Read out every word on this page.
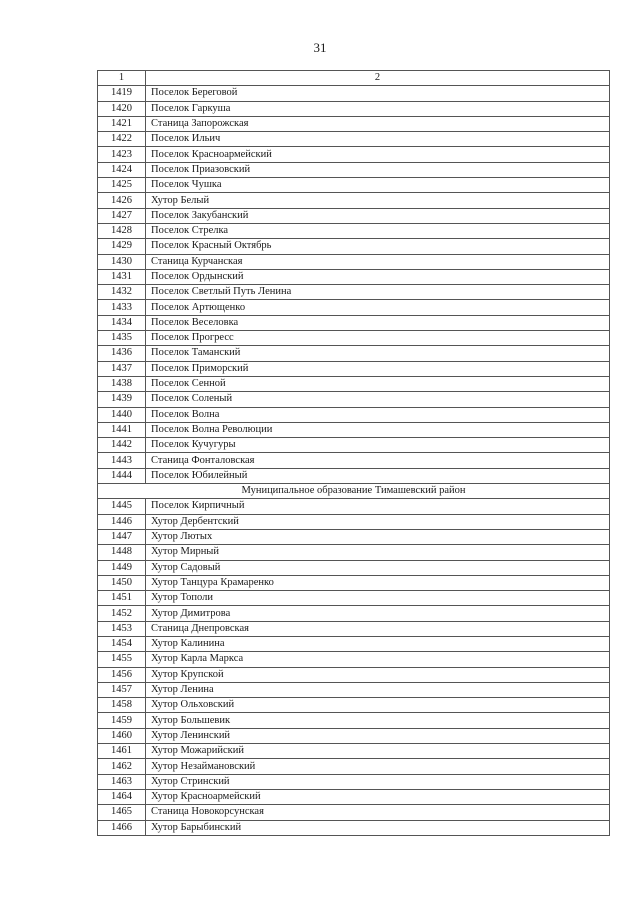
31
1	2
1419	Поселок Береговой
1420	Поселок Гаркуша
1421	Станица Запорожская
1422	Поселок Ильич
1423	Поселок Красноармейский
1424	Поселок Приазовский
1425	Поселок Чушка
1426	Хутор Белый
1427	Поселок Закубанский
1428	Поселок Стрелка
1429	Поселок Красный Октябрь
1430	Станица Курчанская
1431	Поселок Ордынский
1432	Поселок Светлый Путь Ленина
1433	Поселок Артющенко
1434	Поселок Веселовка
1435	Поселок Прогресс
1436	Поселок Таманский
1437	Поселок Приморский
1438	Поселок Сенной
1439	Поселок Соленый
1440	Поселок Волна
1441	Поселок Волна Революции
1442	Поселок Кучугуры
1443	Станица Фонталовская
1444	Поселок Юбилейный
Муниципальное образование Тимашевский район	
1445	Поселок Кирпичный
1446	Хутор Дербентский
1447	Хутор Лютых
1448	Хутор Мирный
1449	Хутор Садовый
1450	Хутор Танцура Крамаренко
1451	Хутор Тополи
1452	Хутор Димитрова
1453	Станица Днепровская
1454	Хутор Калинина
1455	Хутор Карла Маркса
1456	Хутор Крупской
1457	Хутор Ленина
1458	Хутор Ольховский
1459	Хутор Большевик
1460	Хутор Ленинский
1461	Хутор Можарийский
1462	Хутор Незаймановский
1463	Хутор Стринский
1464	Хутор Красноармейский
1465	Станица Новокорсунская
1466	Хутор Барыбинский
